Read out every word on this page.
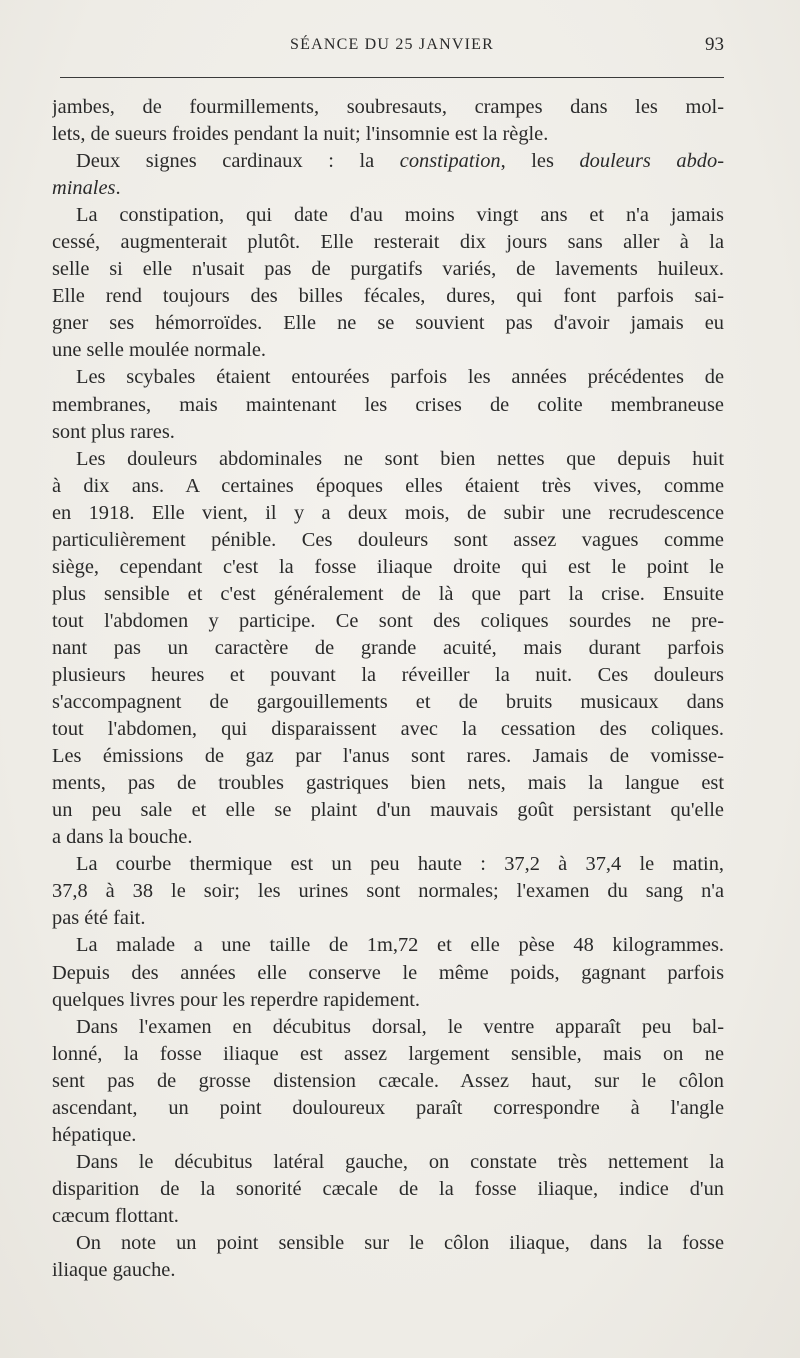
SÉANCE DU 25 JANVIER	93
jambes, de fourmillements, soubresauts, crampes dans les mol-
lets, de sueurs froides pendant la nuit; l'insomnie est la règle.
Deux signes cardinaux : la constipation, les douleurs abdo-
minales.
La constipation, qui date d'au moins vingt ans et n'a jamais
cessé, augmenterait plutôt. Elle resterait dix jours sans aller à la
selle si elle n'usait pas de purgatifs variés, de lavements huileux.
Elle rend toujours des billes fécales, dures, qui font parfois sai-
gner ses hémorroïdes. Elle ne se souvient pas d'avoir jamais eu
une selle moulée normale.
Les scybales étaient entourées parfois les années précédentes de
membranes, mais maintenant les crises de colite membraneuse
sont plus rares.
Les douleurs abdominales ne sont bien nettes que depuis huit
à dix ans. A certaines époques elles étaient très vives, comme
en 1918. Elle vient, il y a deux mois, de subir une recrudescence
particulièrement pénible. Ces douleurs sont assez vagues comme
siège, cependant c'est la fosse iliaque droite qui est le point le
plus sensible et c'est généralement de là que part la crise. Ensuite
tout l'abdomen y participe. Ce sont des coliques sourdes ne pre-
nant pas un caractère de grande acuité, mais durant parfois
plusieurs heures et pouvant la réveiller la nuit. Ces douleurs
s'accompagnent de gargouillements et de bruits musicaux dans
tout l'abdomen, qui disparaissent avec la cessation des coliques.
Les émissions de gaz par l'anus sont rares. Jamais de vomisse-
ments, pas de troubles gastriques bien nets, mais la langue est
un peu sale et elle se plaint d'un mauvais goût persistant qu'elle
a dans la bouche.
La courbe thermique est un peu haute : 37,2 à 37,4 le matin,
37,8 à 38 le soir; les urines sont normales; l'examen du sang n'a
pas été fait.
La malade a une taille de 1m,72 et elle pèse 48 kilogrammes.
Depuis des années elle conserve le même poids, gagnant parfois
quelques livres pour les reperdre rapidement.
Dans l'examen en décubitus dorsal, le ventre apparaît peu bal-
lonné, la fosse iliaque est assez largement sensible, mais on ne
sent pas de grosse distension cæcale. Assez haut, sur le côlon
ascendant, un point douloureux paraît correspondre à l'angle
hépatique.
Dans le décubitus latéral gauche, on constate très nettement la
disparition de la sonorité cæcale de la fosse iliaque, indice d'un
cæcum flottant.
On note un point sensible sur le côlon iliaque, dans la fosse
iliaque gauche.
